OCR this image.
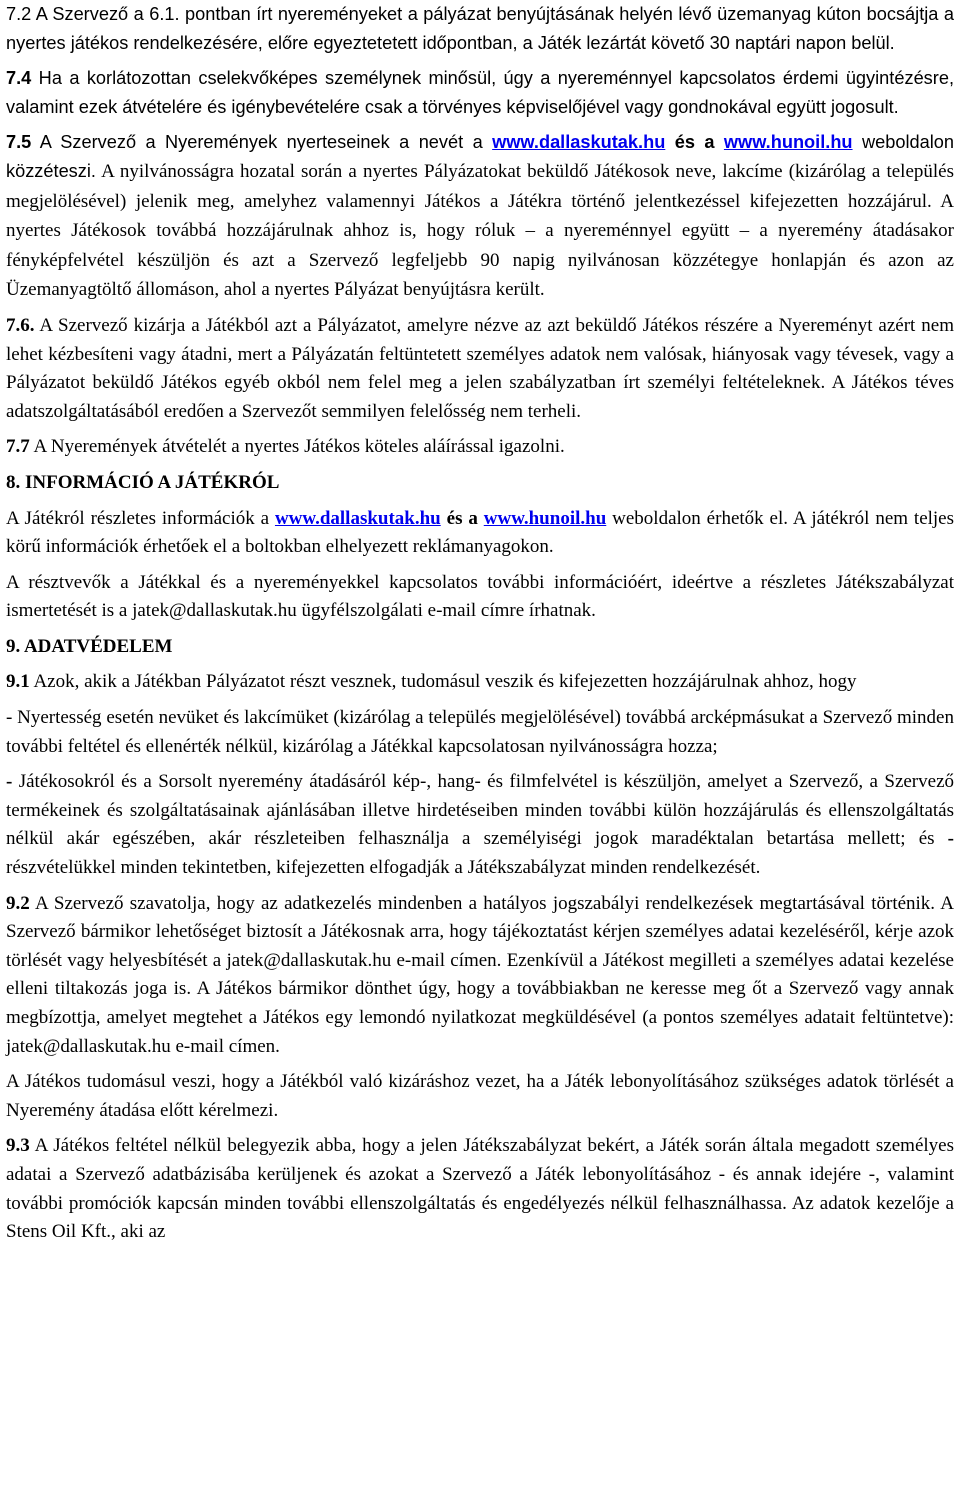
7.2 A Szervező a 6.1. pontban írt nyereményeket a pályázat benyújtásának helyén lévő üzemanyag kúton bocsájtja a nyertes játékos rendelkezésére, előre egyeztetetett időpontban, a Játék lezártát követő 30 naptári napon belül.

7.4 Ha a korlátozottan cselekvőképes személynek minősül, úgy a nyereménnyel kapcsolatos érdemi ügyintézésre, valamint ezek átvételére és igénybevételére csak a törvényes képviselőjével vagy gondnokával együtt jogosult.

7.5 A Szervező a Nyeremények nyerteseinek a nevét a www.dallaskutak.hu és a www.hunoil.hu weboldalon közzéteszi. A nyilvánosságra hozatal során a nyertes Pályázatokat beküldő Játékosok neve, lakcíme (kizárólag a település megjelölésével) jelenik meg, amelyhez valamennyi Játékos a Játékra történő jelentkezéssel kifejezetten hozzájárul. A nyertes Játékosok továbbá hozzájárulnak ahhoz is, hogy róluk – a nyereménnyel együtt – a nyeremény átadásakor fényképfelvétel készüljön és azt a Szervező legfeljebb 90 napig nyilvánosan közzétegye honlapján és azon az Üzemanyagtöltő állomáson, ahol a nyertes Pályázat benyújtásra került.

7.6. A Szervező kizárja a Játékból azt a Pályázatot, amelyre nézve az azt beküldő Játékos részére a Nyereményt azért nem lehet kézbesíteni vagy átadni, mert a Pályázatán feltüntetett személyes adatok nem valósak, hiányosak vagy tévesek, vagy a Pályázatot beküldő Játékos egyéb okból nem felel meg a jelen szabályzatban írt személyi feltételeknek. A Játékos téves adatszolgáltatásából eredően a Szervezőt semmilyen felelősség nem terheli.

7.7 A Nyeremények átvételét a nyertes Játékos köteles aláírással igazolni.

8. INFORMÁCIÓ A JÁTÉKRÓL

A Játékról részletes információk a www.dallaskutak.hu és a www.hunoil.hu weboldalon érhetők el. A játékról nem teljes körű információk érhetőek el a boltokban elhelyezett reklámanyagokon.

A résztvevők a Játékkal és a nyereményekkel kapcsolatos további információért, ideértve a részletes Játékszabályzat ismertetését is a jatek@dallaskutak.hu ügyfélszolgálati e-mail címre írhatnak.

9. ADATVÉDELEM

9.1 Azok, akik a Játékban Pályázatot részt vesznek, tudomásul veszik és kifejezetten hozzájárulnak ahhoz, hogy

- Nyertesség esetén nevüket és lakcímüket (kizárólag a település megjelölésével) továbbá arcképmásukat a Szervező minden további feltétel és ellenérték nélkül, kizárólag a Játékkal kapcsolatosan nyilvánosságra hozza;

- Játékosokról és a Sorsolt nyeremény átadásáról kép-, hang- és filmfelvétel is készüljön, amelyet a Szervező, a Szervező termékeinek és szolgáltatásainak ajánlásában illetve hirdetéseiben minden további külön hozzájárulás és ellenszolgáltatás nélkül akár egészében, akár részleteiben felhasználja a személyiségi jogok maradéktalan betartása mellett; és - részvételükkel minden tekintetben, kifejezetten elfogadják a Játékszabályzat minden rendelkezését.

9.2 A Szervező szavatolja, hogy az adatkezelés mindenben a hatályos jogszabályi rendelkezések megtartásával történik. A Szervező bármikor lehetőséget biztosít a Játékosnak arra, hogy tájékoztatást kérjen személyes adatai kezeléséről, kérje azok törlését vagy helyesbítését a jatek@dallaskutak.hu e-mail címen. Ezenkívül a Játékost megilleti a személyes adatai kezelése elleni tiltakozás joga is. A Játékos bármikor dönthet úgy, hogy a továbbiakban ne keresse meg őt a Szervező vagy annak megbízottja, amelyet megtehet a Játékos egy lemondó nyilatkozat megküldésével (a pontos személyes adatait feltüntetve): jatek@dallaskutak.hu e-mail címen.

A Játékos tudomásul veszi, hogy a Játékból való kizáráshoz vezet, ha a Játék lebonyolításához szükséges adatok törlését a Nyeremény átadása előtt kérelmezi.

9.3 A Játékos feltétel nélkül belegyezik abba, hogy a jelen Játékszabályzat bekért, a Játék során általa megadott személyes adatai a Szervező adatbázisába kerüljenek és azokat a Szervező a Játék lebonyolításához - és annak idejére -, valamint további promóciók kapcsán minden további ellenszolgáltatás és engedélyezés nélkül felhasználhassa. Az adatok kezelője a Stens Oil Kft., aki az
